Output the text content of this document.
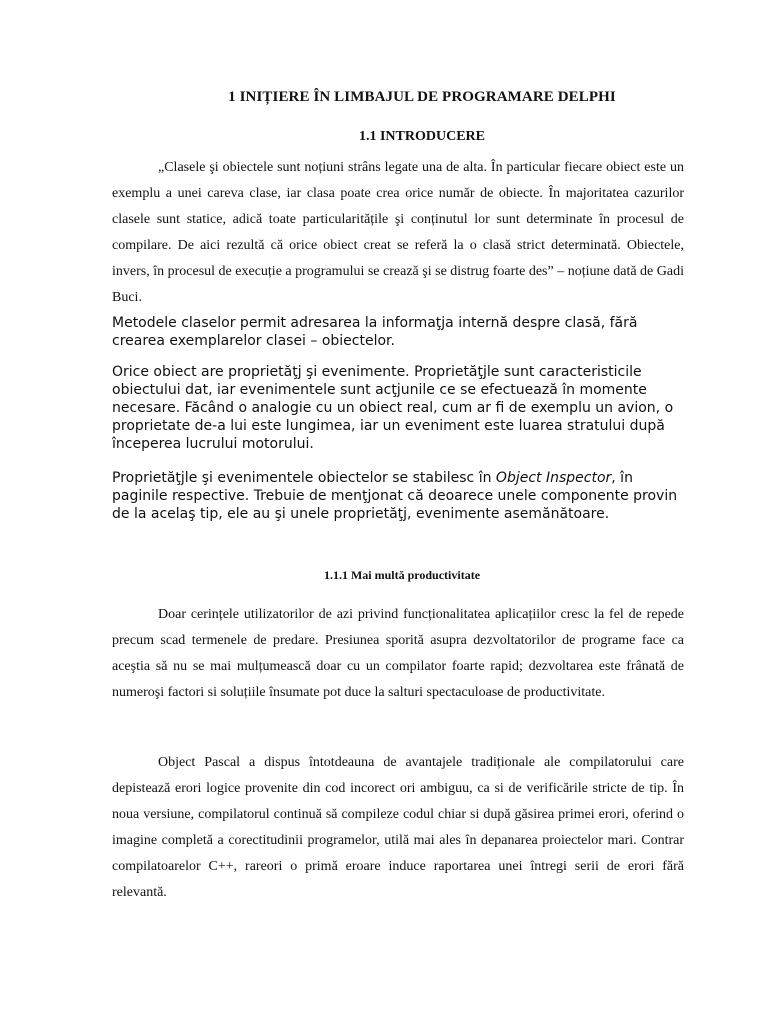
1 INIȚIERE ÎN LIMBAJUL DE PROGRAMARE DELPHI
1.1 INTRODUCERE

„Clasele şi obiectele sunt noțiuni strâns legate una de alta. În particular fiecare obiect este un exemplu a unei careva clase, iar clasa poate crea orice număr de obiecte. În majoritatea cazurilor clasele sunt statice, adică toate particularitățile şi conținutul lor sunt determinate în procesul de compilare. De aici rezultă că orice obiect creat se referă la o clasă strict determinată. Obiectele, invers, în procesul de execuție a programului se crează şi se distrug foarte des” – noțiune dată de Gadi Buci.

Metodele claselor permit adresarea la informaţja internă despre clasă, fără crearea exemplarelor clasei – obiectelor.

Orice obiect are proprietăţj şi evenimente. Proprietăţjle sunt caracteristicile obiectului dat, iar evenimentele sunt acţjunile ce se efectuează în momente necesare. Făcând o analogie cu un obiect real, cum ar fi de exemplu un avion, o proprietate de-a lui este lungimea, iar un eveniment este luarea stratului după începerea lucrului motorului.

Proprietăţjle şi evenimentele obiectelor se stabilesc în Object Inspector, în paginile respective. Trebuie de menţjonat că deoarece unele componente provin de la acelaş tip, ele au şi unele proprietăţj, evenimente asemănătoare.

1.1.1 Mai multă productivitate

Doar cerințele utilizatorilor de azi privind funcționalitatea aplicațiilor cresc la fel de repede precum scad termenele de predare. Presiunea sporită asupra dezvoltatorilor de programe face ca aceştia să nu se mai mulțumească doar cu un compilator foarte rapid; dezvoltarea este frânată de numeroşi factori si soluțiile însumate pot duce la salturi spectaculoase de productivitate.

Object Pascal a dispus întotdeauna de avantajele tradiționale ale compilatorului care depistează erori logice provenite din cod incorect ori ambiguu, ca si de verificările stricte de tip. În noua versiune, compilatorul continuă să compileze codul chiar si după găsirea primei erori, oferind o imagine completă a corectitudinii programelor, utilă mai ales în depanarea proiectelor mari. Contrar compilatoarelor C++, rareori o primă eroare induce raportarea unei întregi serii de erori fără relevantă.
